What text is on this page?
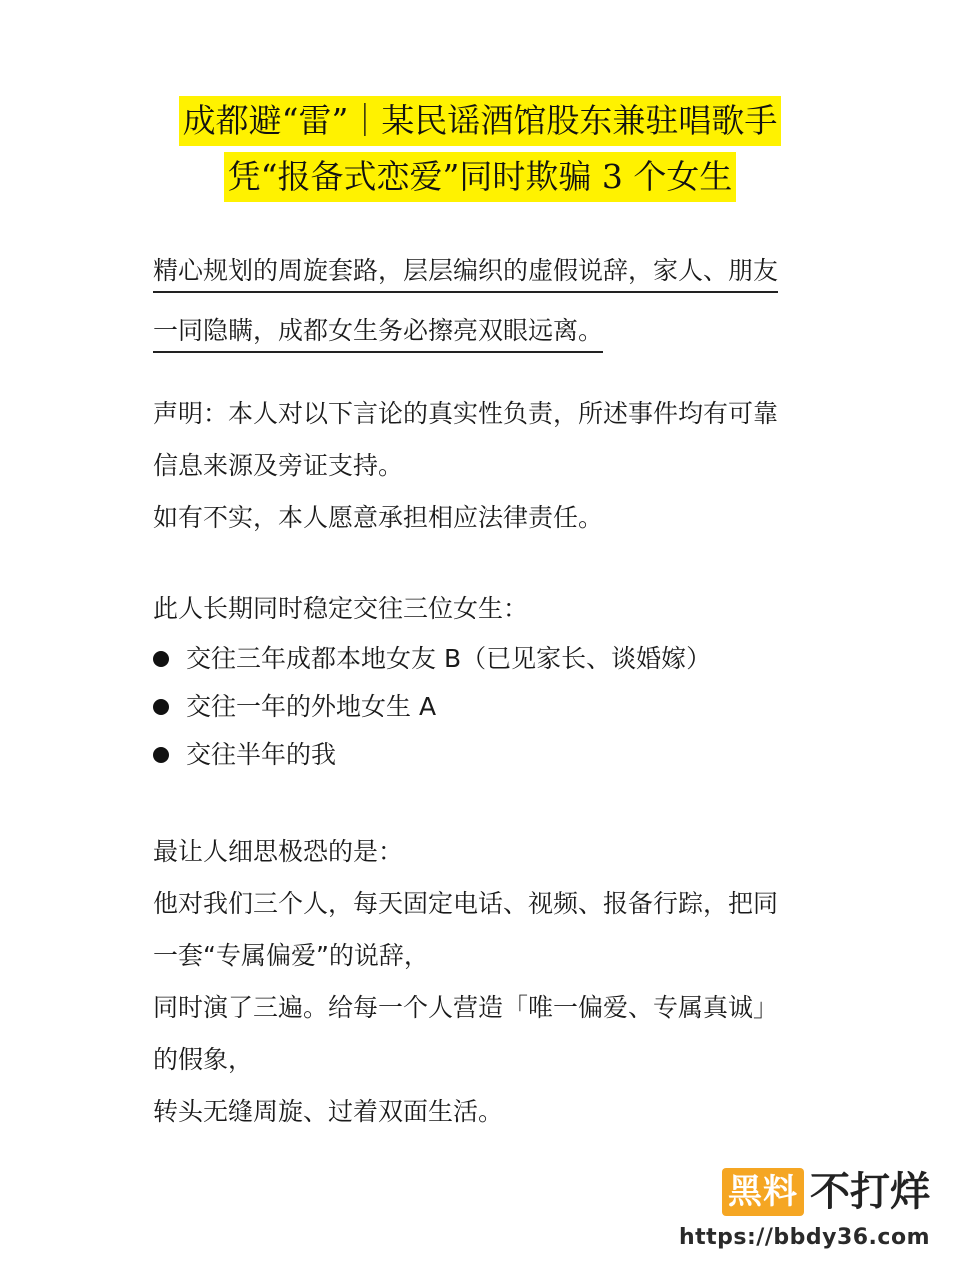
成都避“雷”｜某民谣酒馆股东兼驻唱歌手
凭“报备式恋爱”同时欺骗 3 个女生
精心规划的周旋套路，层层编织的虚假说辞，家人、朋友
一同隐瞒，成都女生务必擦亮双眼远离。
声明：本人对以下言论的真实性负责，所述事件均有可靠
信息来源及旁证支持。
如有不实，本人愿意承担相应法律责任。
此人长期同时稳定交往三位女生：
交往三年成都本地女友 B（已见家长、谈婚嫁）
交往一年的外地女生 A
交往半年的我
最让人细思极恐的是：
他对我们三个人，每天固定电话、视频、报备行踪，把同
一套“专属偏爱”的说辞，
同时演了三遍。给每一个人营造「唯一偏爱、专属真诚」
的假象，
转头无缝周旋、过着双面生活。
黑料 不打烊
https://bbdy36.com
